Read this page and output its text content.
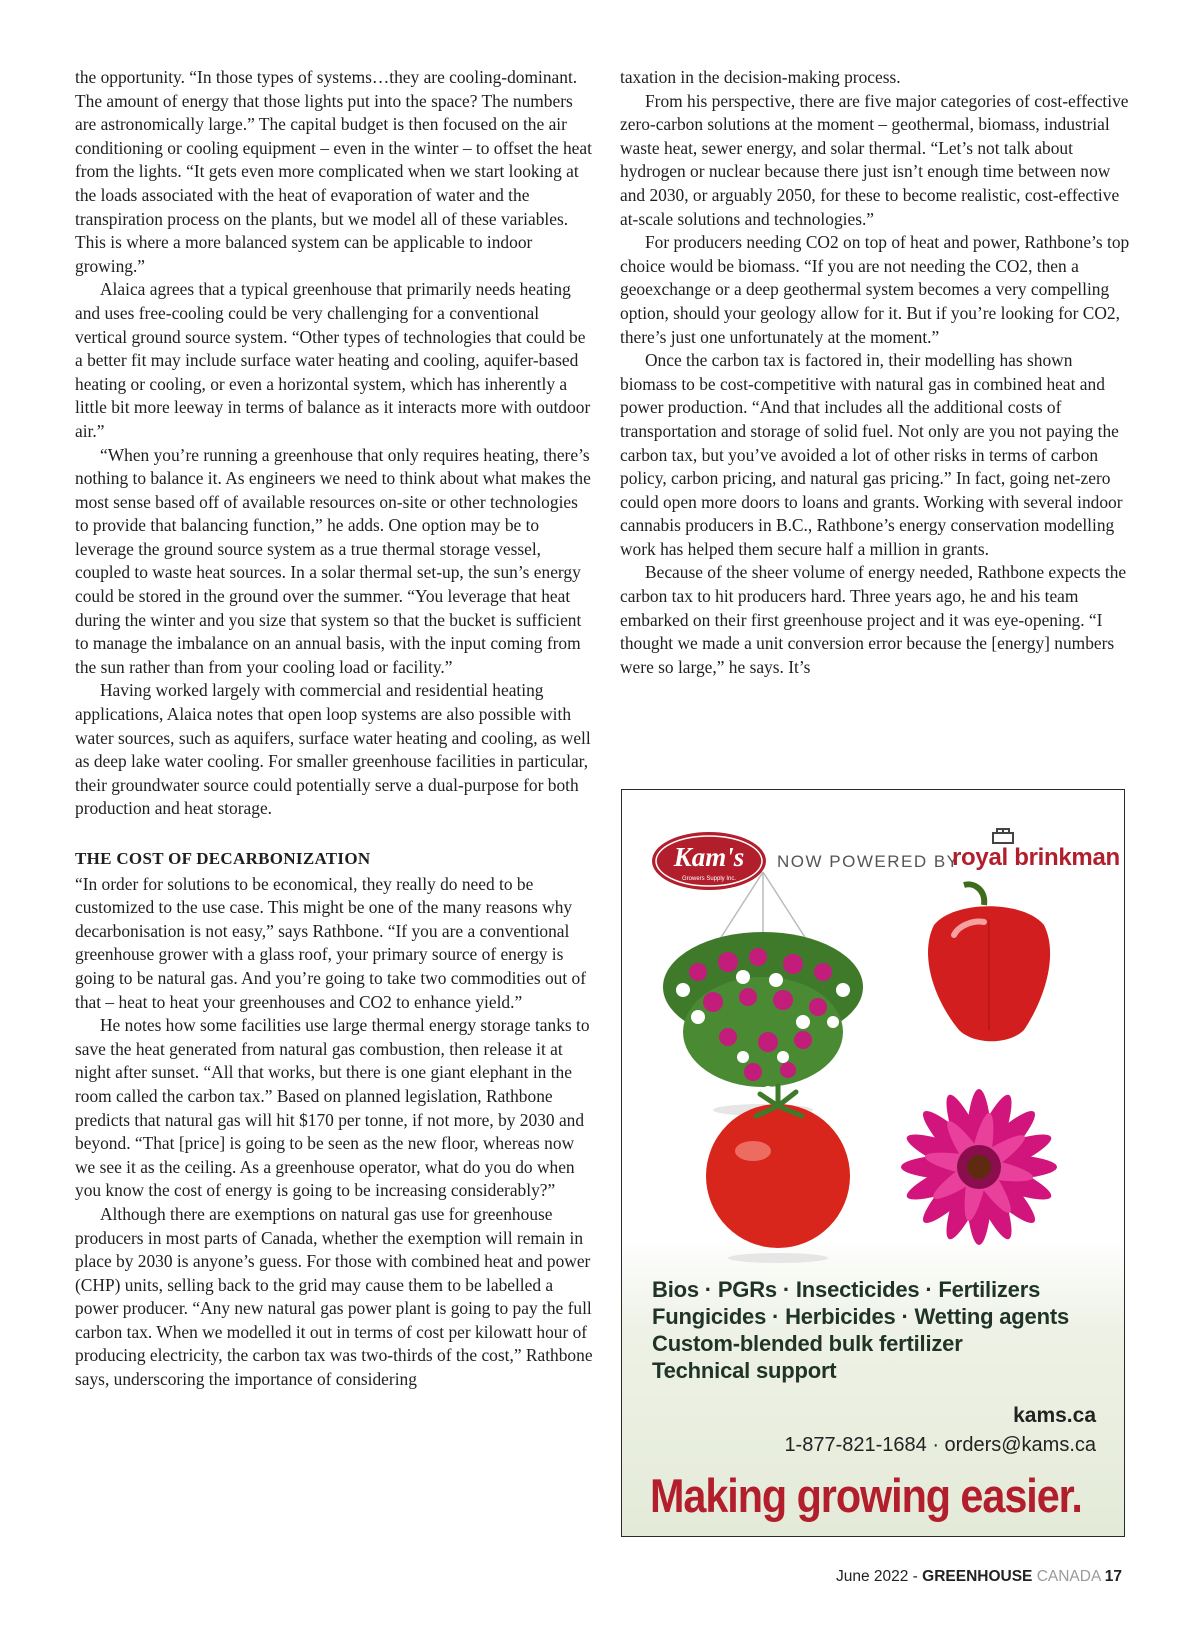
the opportunity. “In those types of systems…they are cooling-dominant. The amount of energy that those lights put into the space? The numbers are astronomically large.” The capital budget is then focused on the air conditioning or cooling equipment – even in the winter – to offset the heat from the lights. “It gets even more complicated when we start looking at the loads associated with the heat of evaporation of water and the transpiration process on the plants, but we model all of these variables. This is where a more balanced system can be applicable to indoor growing.”

Alaica agrees that a typical greenhouse that primarily needs heating and uses free-cooling could be very challenging for a conventional vertical ground source system. “Other types of technologies that could be a better fit may include surface water heating and cooling, aquifer-based heating or cooling, or even a horizontal system, which has inherently a little bit more leeway in terms of balance as it interacts more with outdoor air.”

“When you’re running a greenhouse that only requires heating, there’s nothing to balance it. As engineers we need to think about what makes the most sense based off of available resources on-site or other technologies to provide that balancing function,” he adds. One option may be to leverage the ground source system as a true thermal storage vessel, coupled to waste heat sources. In a solar thermal set-up, the sun’s energy could be stored in the ground over the summer. “You leverage that heat during the winter and you size that system so that the bucket is sufficient to manage the imbalance on an annual basis, with the input coming from the sun rather than from your cooling load or facility.”

Having worked largely with commercial and residential heating applications, Alaica notes that open loop systems are also possible with water sources, such as aquifers, surface water heating and cooling, as well as deep lake water cooling. For smaller greenhouse facilities in particular, their groundwater source could potentially serve a dual-purpose for both production and heat storage.

THE COST OF DECARBONIZATION

“In order for solutions to be economical, they really do need to be customized to the use case. This might be one of the many reasons why decarbonisation is not easy,” says Rathbone. “If you are a conventional greenhouse grower with a glass roof, your primary source of energy is going to be natural gas. And you’re going to take two commodities out of that – heat to heat your greenhouses and CO2 to enhance yield.”

He notes how some facilities use large thermal energy storage tanks to save the heat generated from natural gas combustion, then release it at night after sunset. “All that works, but there is one giant elephant in the room called the carbon tax.” Based on planned legislation, Rathbone predicts that natural gas will hit $170 per tonne, if not more, by 2030 and beyond. “That [price] is going to be seen as the new floor, whereas now we see it as the ceiling. As a greenhouse operator, what do you do when you know the cost of energy is going to be increasing considerably?”

Although there are exemptions on natural gas use for greenhouse producers in most parts of Canada, whether the exemption will remain in place by 2030 is anyone’s guess. For those with combined heat and power (CHP) units, selling back to the grid may cause them to be labelled a power producer. “Any new natural gas power plant is going to pay the full carbon tax. When we modelled it out in terms of cost per kilowatt hour of producing electricity, the carbon tax was two-thirds of the cost,” Rathbone says, underscoring the importance of considering

taxation in the decision-making process.

From his perspective, there are five major categories of cost-effective zero-carbon solutions at the moment – geothermal, biomass, industrial waste heat, sewer energy, and solar thermal. “Let’s not talk about hydrogen or nuclear because there just isn’t enough time between now and 2030, or arguably 2050, for these to become realistic, cost-effective at-scale solutions and technologies.”

For producers needing CO2 on top of heat and power, Rathbone’s top choice would be biomass. “If you are not needing the CO2, then a geoexchange or a deep geothermal system becomes a very compelling option, should your geology allow for it. But if you’re looking for CO2, there’s just one unfortunately at the moment.”

Once the carbon tax is factored in, their modelling has shown biomass to be cost-competitive with natural gas in combined heat and power production. “And that includes all the additional costs of transportation and storage of solid fuel. Not only are you not paying the carbon tax, but you’ve avoided a lot of other risks in terms of carbon policy, carbon pricing, and natural gas pricing.” In fact, going net-zero could open more doors to loans and grants. Working with several indoor cannabis producers in B.C., Rathbone’s energy conservation modelling work has helped them secure half a million in grants.

Because of the sheer volume of energy needed, Rathbone expects the carbon tax to hit producers hard. Three years ago, he and his team embarked on their first greenhouse project and it was eye-opening. “I thought we made a unit conversion error because the [energy] numbers were so large,” he says. It’s

Kam's
Growers Supply Inc.
NOW POWERED BY
royal brinkman
Bios · PGRs · Insecticides · Fertilizers
Fungicides · Herbicides · Wetting agents
Custom-blended bulk fertilizer
Technical support
kams.ca
1-877-821-1684 · orders@kams.ca
Making growing easier.
June 2022 - GREENHOUSE CANADA 17
